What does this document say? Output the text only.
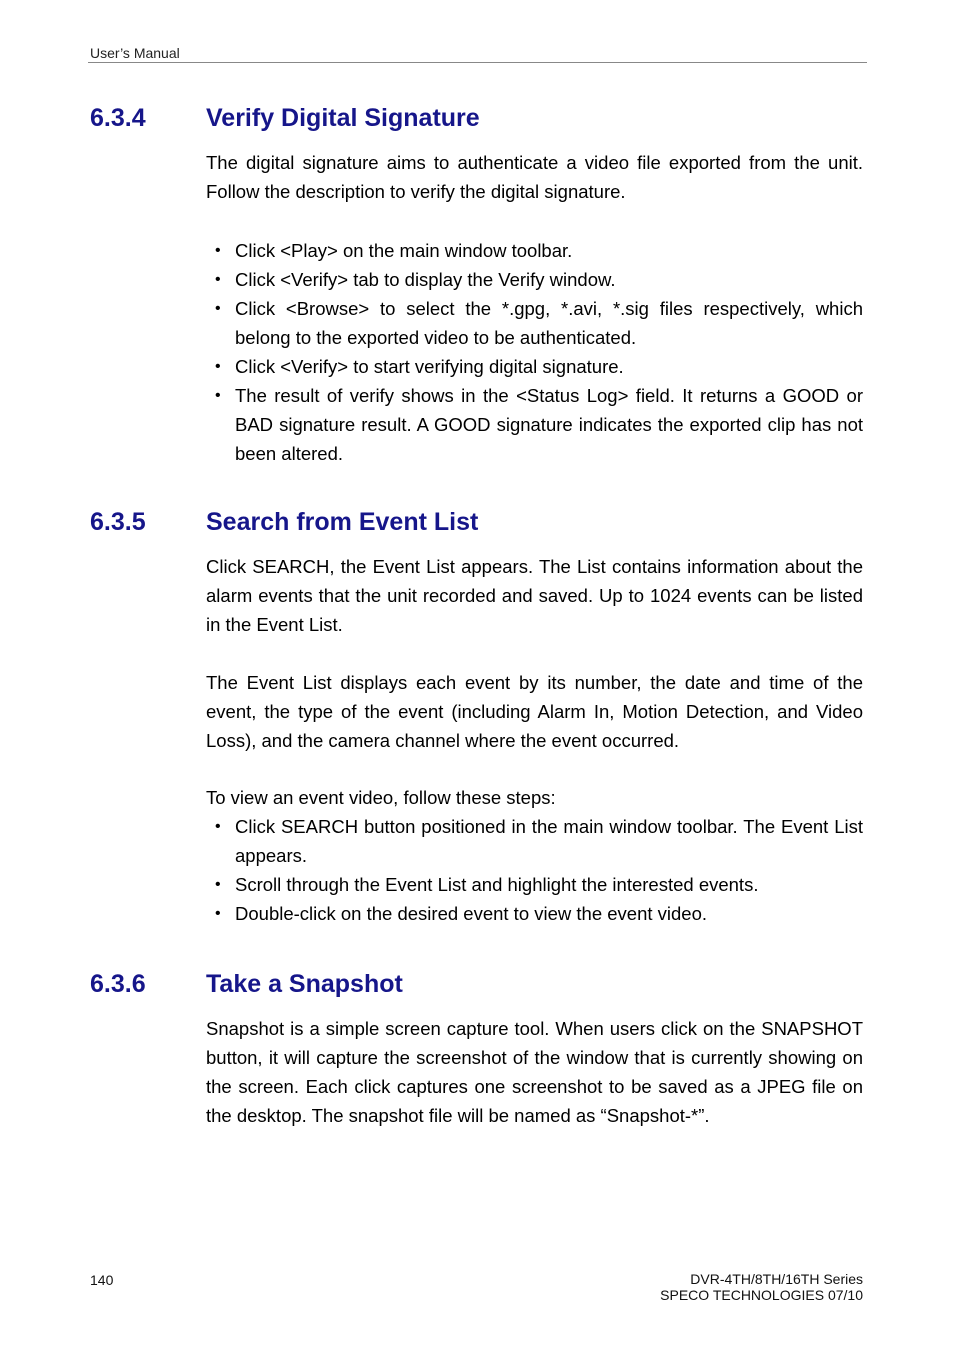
User’s Manual
6.3.4 Verify Digital Signature

The digital signature aims to authenticate a video file exported from the unit. Follow the description to verify the digital signature.

• Click <Play> on the main window toolbar.
• Click <Verify> tab to display the Verify window.
• Click <Browse> to select the *.gpg, *.avi, *.sig files respectively, which belong to the exported video to be authenticated.
• Click <Verify> to start verifying digital signature.
• The result of verify shows in the <Status Log> field. It returns a GOOD or BAD signature result. A GOOD signature indicates the exported clip has not been altered.
6.3.5 Search from Event List

Click SEARCH, the Event List appears. The List contains information about the alarm events that the unit recorded and saved. Up to 1024 events can be listed in the Event List.

The Event List displays each event by its number, the date and time of the event, the type of the event (including Alarm In, Motion Detection, and Video Loss), and the camera channel where the event occurred.

To view an event video, follow these steps:

• Click SEARCH button positioned in the main window toolbar. The Event List appears.
• Scroll through the Event List and highlight the interested events.
• Double-click on the desired event to view the event video.
6.3.6 Take a Snapshot

Snapshot is a simple screen capture tool. When users click on the SNAPSHOT button, it will capture the screenshot of the window that is currently showing on the screen. Each click captures one screenshot to be saved as a JPEG file on the desktop. The snapshot file will be named as “Snapshot-*”.

140	DVR-4TH/8TH/16TH Series
SPECO TECHNOLOGIES 07/10
